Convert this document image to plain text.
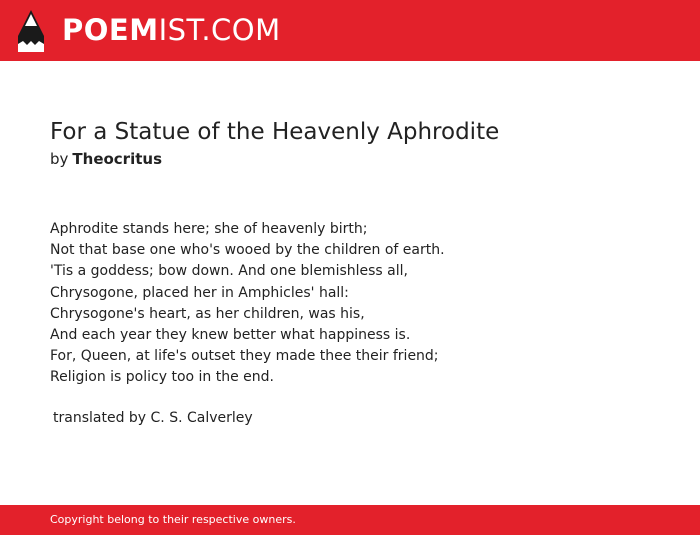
POEMIST.COM
For a Statue of the Heavenly Aphrodite
by Theocritus
Aphrodite stands here; she of heavenly birth;
Not that base one who's wooed by the children of earth.
'Tis a goddess; bow down. And one blemishless all,
Chrysogone, placed her in Amphicles' hall:
Chrysogone's heart, as her children, was his,
And each year they knew better what happiness is.
For, Queen, at life's outset they made thee their friend;
Religion is policy too in the end.
translated by C. S. Calverley
Copyright belong to their respective owners.
